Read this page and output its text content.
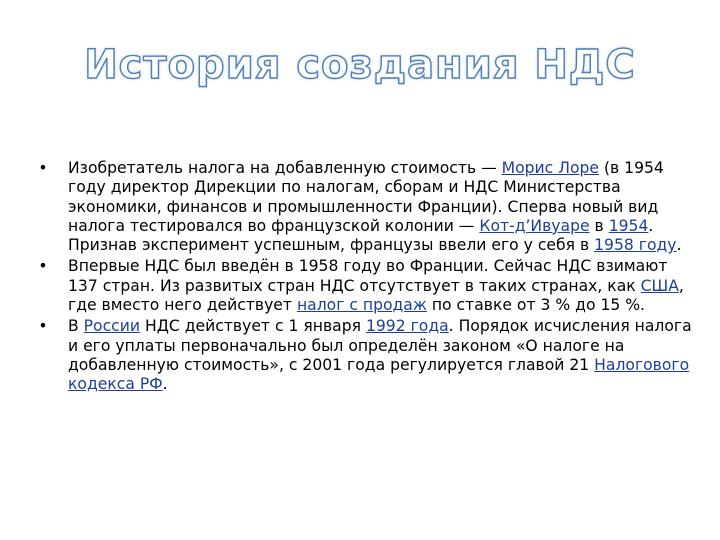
История создания НДС
• Изобретатель налога на добавленную стоимость — Морис Лоре (в 1954 году директор Дирекции по налогам, сборам и НДС Министерства экономики, финансов и промышленности Франции). Сперва новый вид налога тестировался во французской колонии — Кот-д’Ивуаре в 1954. Признав эксперимент успешным, французы ввели его у себя в 1958 году.
• Впервые НДС был введён в 1958 году во Франции. Сейчас НДС взимают 137 стран. Из развитых стран НДС отсутствует в таких странах, как США, где вместо него действует налог с продаж по ставке от 3 % до 15 %.
• В России НДС действует с 1 января 1992 года. Порядок исчисления налога и его уплаты первоначально был определён законом «О налоге на добавленную стоимость», с 2001 года регулируется главой 21 Налогового кодекса РФ.
